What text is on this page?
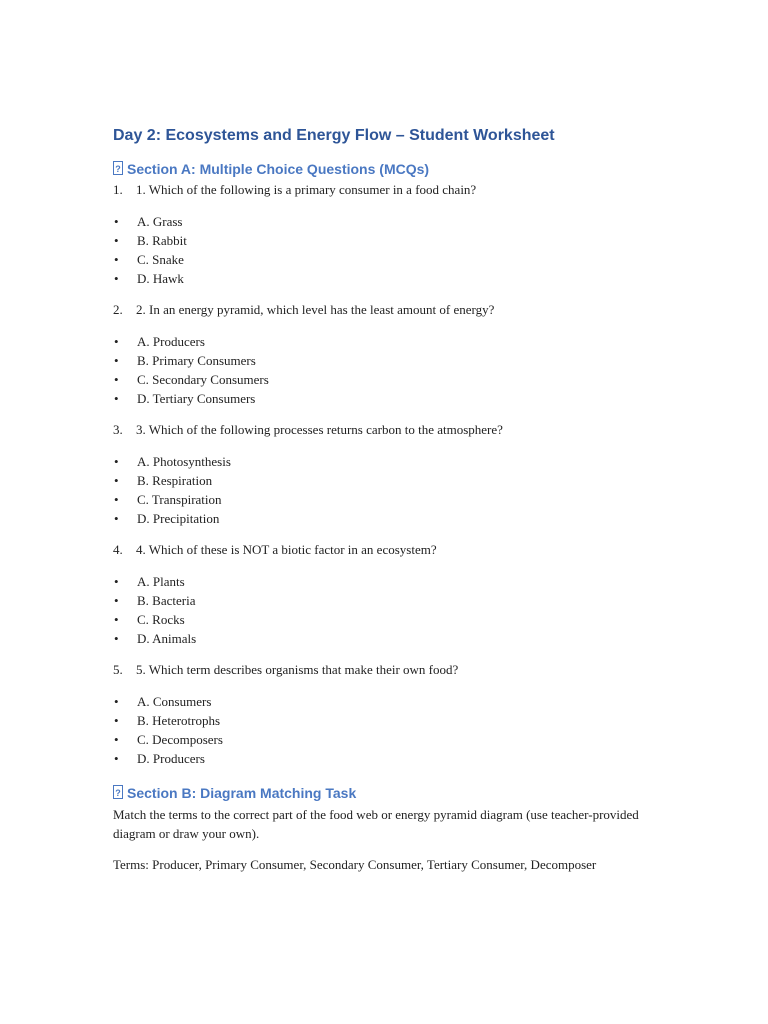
Day 2: Ecosystems and Energy Flow – Student Worksheet
?Section A: Multiple Choice Questions (MCQs)

1.	1. Which of the following is a primary consumer in a food chain?

•	A. Grass
•	B. Rabbit
•	C. Snake
•	D. Hawk

2.	2. In an energy pyramid, which level has the least amount of energy?

•	A. Producers
•	B. Primary Consumers
•	C. Secondary Consumers
•	D. Tertiary Consumers

3.	3. Which of the following processes returns carbon to the atmosphere?

•	A. Photosynthesis
•	B. Respiration
•	C. Transpiration
•	D. Precipitation

4.	4. Which of these is NOT a biotic factor in an ecosystem?

•	A. Plants
•	B. Bacteria
•	C. Rocks
•	D. Animals

5.	5. Which term describes organisms that make their own food?

•	A. Consumers
•	B. Heterotrophs
•	C. Decomposers
•	D. Producers
?Section B: Diagram Matching Task

Match the terms to the correct part of the food web or energy pyramid diagram (use teacher-provided diagram or draw your own).

Terms: Producer, Primary Consumer, Secondary Consumer, Tertiary Consumer, Decomposer
